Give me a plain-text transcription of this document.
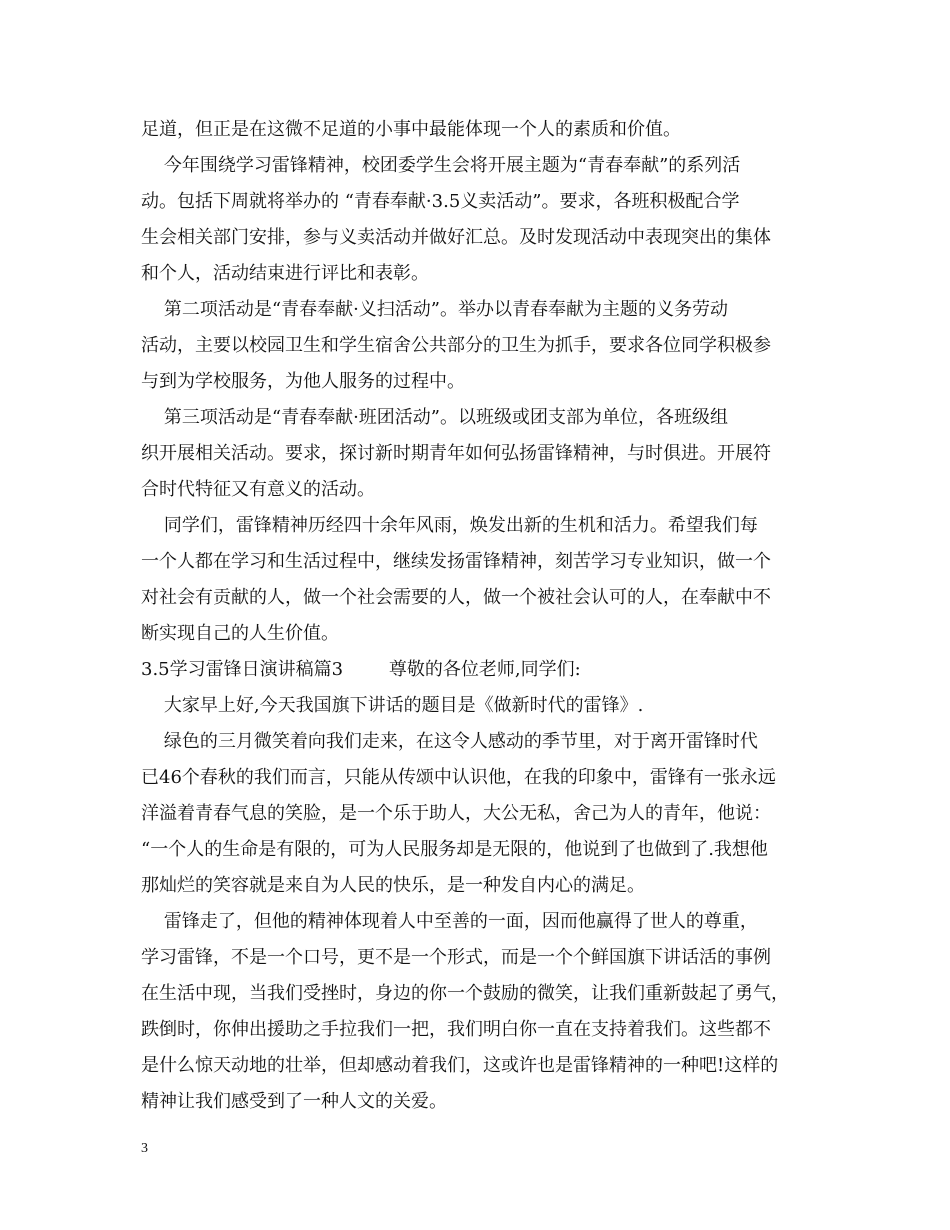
足道，但正是在这微不足道的小事中最能体现一个人的素质和价值。
今年围绕学习雷锋精神，校团委学生会将开展主题为“青春奉献”的系列活
动。包括下周就将举办的 “青春奉献·3.5义卖活动”。要求，各班积极配合学
生会相关部门安排，参与义卖活动并做好汇总。及时发现活动中表现突出的集体
和个人，活动结束进行评比和表彰。
第二项活动是“青春奉献·义扫活动”。举办以青春奉献为主题的义务劳动
活动，主要以校园卫生和学生宿舍公共部分的卫生为抓手，要求各位同学积极参
与到为学校服务，为他人服务的过程中。
第三项活动是“青春奉献·班团活动”。以班级或团支部为单位，各班级组
织开展相关活动。要求，探讨新时期青年如何弘扬雷锋精神，与时俱进。开展符
合时代特征又有意义的活动。
同学们，雷锋精神历经四十余年风雨，焕发出新的生机和活力。希望我们每
一个人都在学习和生活过程中，继续发扬雷锋精神，刻苦学习专业知识，做一个
对社会有贡献的人，做一个社会需要的人，做一个被社会认可的人，在奉献中不
断实现自己的人生价值。
3.5学习雷锋日演讲稿篇3        尊敬的各位老师,同学们:
大家早上好,今天我国旗下讲话的题目是《做新时代的雷锋》.
绿色的三月微笑着向我们走来，在这令人感动的季节里，对于离开雷锋时代
已46个春秋的我们而言，只能从传颂中认识他，在我的印象中，雷锋有一张永远
洋溢着青春气息的笑脸，是一个乐于助人，大公无私，舍己为人的青年，他说：
“一个人的生命是有限的，可为人民服务却是无限的，他说到了也做到了.我想他
那灿烂的笑容就是来自为人民的快乐，是一种发自内心的满足。
雷锋走了，但他的精神体现着人中至善的一面，因而他赢得了世人的尊重，
学习雷锋，不是一个口号，更不是一个形式，而是一个个鲜国旗下讲话活的事例
在生活中现，当我们受挫时，身边的你一个鼓励的微笑，让我们重新鼓起了勇气，
跌倒时，你伸出援助之手拉我们一把，我们明白你一直在支持着我们。这些都不
是什么惊天动地的壮举，但却感动着我们，这或许也是雷锋精神的一种吧!这样的
精神让我们感受到了一种人文的关爱。
3
